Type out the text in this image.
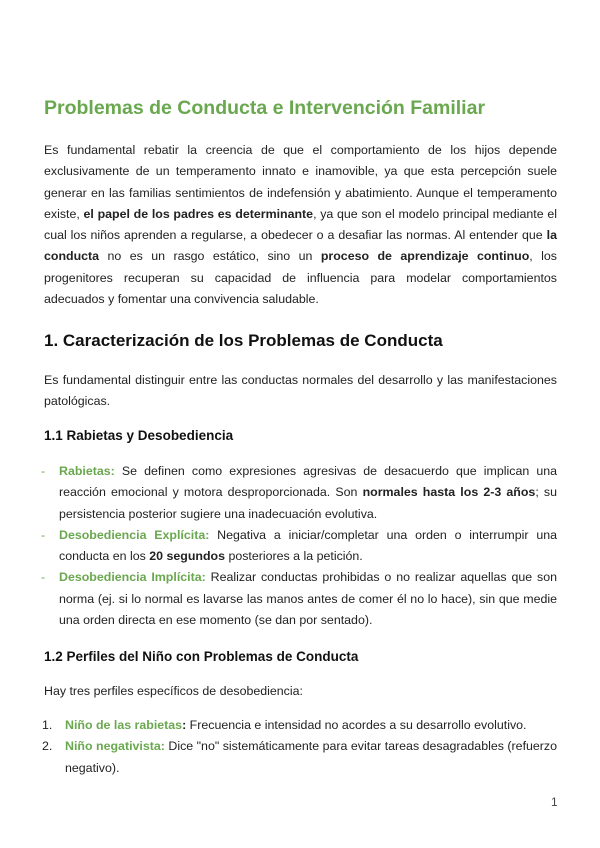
Problemas de Conducta e Intervención Familiar

Es fundamental rebatir la creencia de que el comportamiento de los hijos depende exclusivamente de un temperamento innato e inamovible, ya que esta percepción suele generar en las familias sentimientos de indefensión y abatimiento. Aunque el temperamento existe, el papel de los padres es determinante, ya que son el modelo principal mediante el cual los niños aprenden a regularse, a obedecer o a desafiar las normas. Al entender que la conducta no es un rasgo estático, sino un proceso de aprendizaje continuo, los progenitores recuperan su capacidad de influencia para modelar comportamientos adecuados y fomentar una convivencia saludable.

1. Caracterización de los Problemas de Conducta

Es fundamental distinguir entre las conductas normales del desarrollo y las manifestaciones patológicas.

1.1 Rabietas y Desobediencia
- Rabietas: Se definen como expresiones agresivas de desacuerdo que implican una reacción emocional y motora desproporcionada. Son normales hasta los 2-3 años; su persistencia posterior sugiere una inadecuación evolutiva.
- Desobediencia Explícita: Negativa a iniciar/completar una orden o interrumpir una conducta en los 20 segundos posteriores a la petición.
- Desobediencia Implícita: Realizar conductas prohibidas o no realizar aquellas que son norma (ej. si lo normal es lavarse las manos antes de comer él no lo hace), sin que medie una orden directa en ese momento (se dan por sentado).
1.2 Perfiles del Niño con Problemas de Conducta

Hay tres perfiles específicos de desobediencia:

1. Niño de las rabietas: Frecuencia e intensidad no acordes a su desarrollo evolutivo.
2. Niño negativista: Dice "no" sistemáticamente para evitar tareas desagradables (refuerzo negativo).
1
